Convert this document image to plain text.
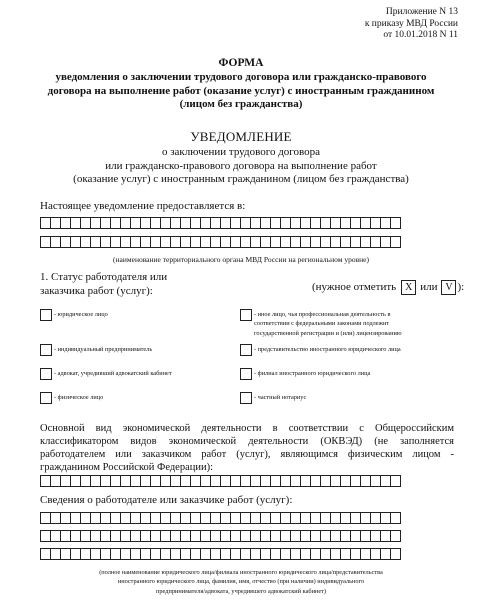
Приложение N 13
к приказу МВД России
от 10.01.2018 N 11
ФОРМА
уведомления о заключении трудового договора или гражданско-правового
договора на выполнение работ (оказание услуг) с иностранным гражданином
(лицом без гражданства)
УВЕДОМЛЕНИЕ
о заключении трудового договора
или гражданско-правового договора на выполнение работ
(оказание услуг) с иностранным гражданином (лицом без гражданства)
Настоящее уведомление предоставляется в:
(наименование территориального органа МВД России на региональном уровне)
1. Статус работодателя или
заказчика работ (услуг):	(нужное отметить X или V ):
- юридическое лицо	- иное лицо, чья профессиональная деятельность в
соответствии с федеральными законами подлежит
государственной регистрации и (или) лицензированию
- индивидуальный предприниматель	- представительство иностранного юридического лица
- адвокат, учредивший адвокатский кабинет	- филиал иностранного юридического лица
- физическое лицо	- частный нотариус
Основной вид экономической деятельности в соответствии с Общероссийским
классификатором видов экономической деятельности (ОКВЭД) (не заполняется
работодателем или заказчиком работ (услуг), являющимся физическим лицом -
гражданином Российской Федерации):
Сведения о работодателе или заказчике работ (услуг):
(полное наименование юридического лица/филиала иностранного юридического лица/представительства
иностранного юридического лица, фамилия, имя, отчество (при наличии) индивидуального
предпринимателя/адвоката, учредившего адвокатский кабинет)
